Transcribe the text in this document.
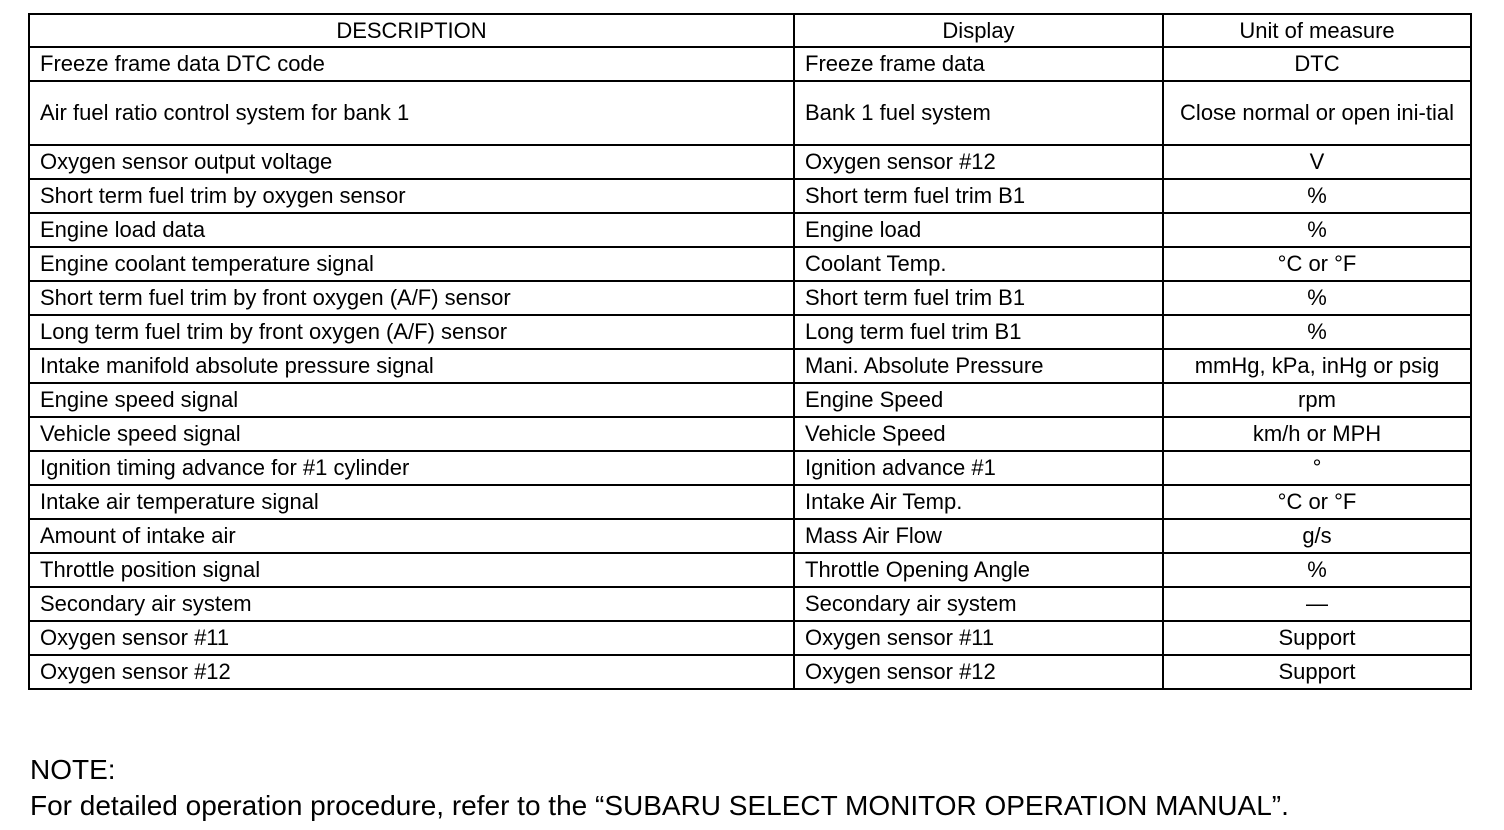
DESCRIPTION	Display	Unit of measure
Freeze frame data DTC code	Freeze frame data	DTC
Air fuel ratio control system for bank 1	Bank 1 fuel system	Close normal or open ini-tial
Oxygen sensor output voltage	Oxygen sensor #12	V
Short term fuel trim by oxygen sensor	Short term fuel trim B1	%
Engine load data	Engine load	%
Engine coolant temperature signal	Coolant Temp.	°C or °F
Short term fuel trim by front oxygen (A/F) sensor	Short term fuel trim B1	%
Long term fuel trim by front oxygen (A/F) sensor	Long term fuel trim B1	%
Intake manifold absolute pressure signal	Mani. Absolute Pressure	mmHg, kPa, inHg or psig
Engine speed signal	Engine Speed	rpm
Vehicle speed signal	Vehicle Speed	km/h or MPH
Ignition timing advance for #1 cylinder	Ignition advance #1	°
Intake air temperature signal	Intake Air Temp.	°C or °F
Amount of intake air	Mass Air Flow	g/s
Throttle position signal	Throttle Opening Angle	%
Secondary air system	Secondary air system	—
Oxygen sensor #11	Oxygen sensor #11	Support
Oxygen sensor #12	Oxygen sensor #12	Support
NOTE:
For detailed operation procedure, refer to the “SUBARU SELECT MONITOR OPERATION MANUAL”.
